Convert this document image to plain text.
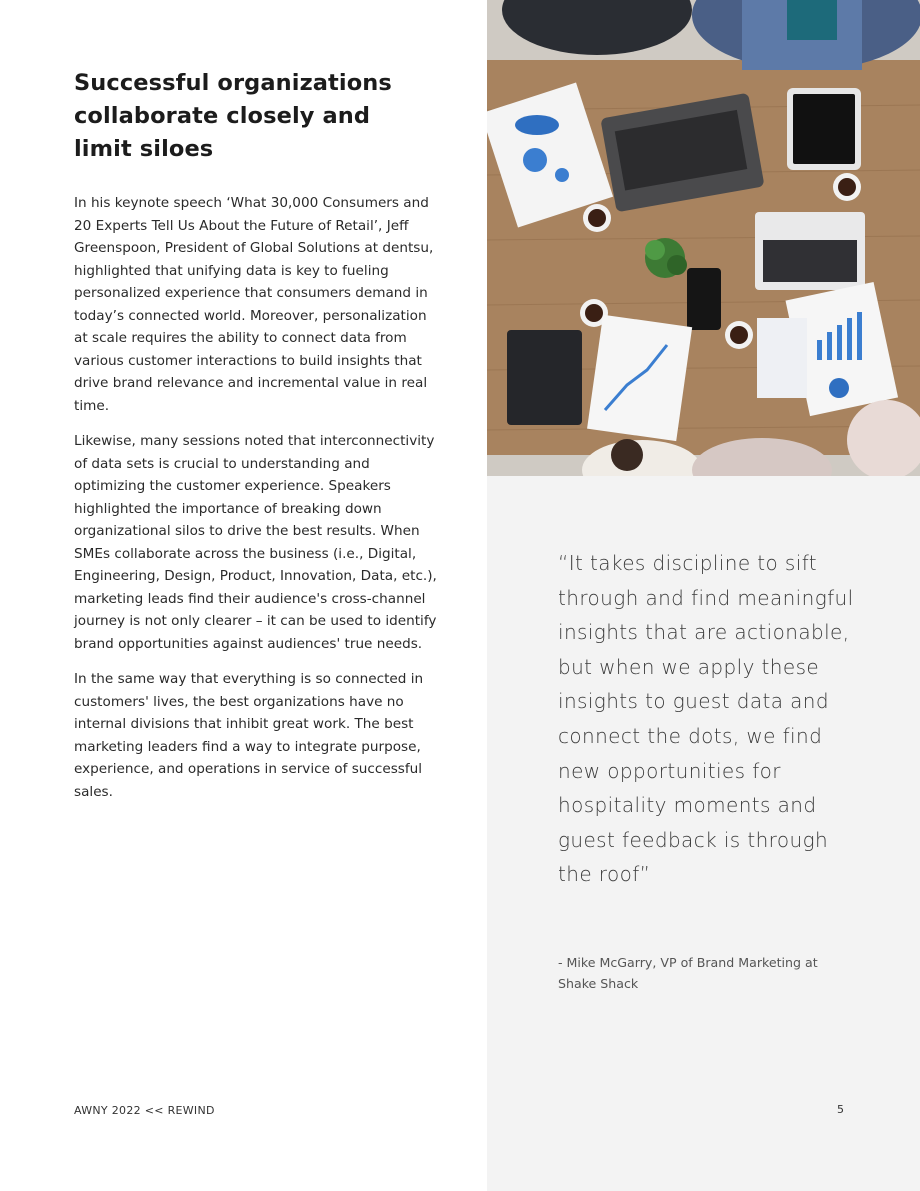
Successful organizations collaborate closely and limit siloes

In his keynote speech ‘What 30,000 Consumers and 20 Experts Tell Us About the Future of Retail’, Jeff Greenspoon, President of Global Solutions at dentsu, highlighted that unifying data is key to fueling personalized experience that consumers demand in today’s connected world. Moreover, personalization at scale requires the ability to connect data from various customer interactions to build insights that drive brand relevance and incremental value in real time.

Likewise, many sessions noted that interconnectivity of data sets is crucial to understanding and optimizing the customer experience. Speakers highlighted the importance of breaking down organizational silos to drive the best results. When SMEs collaborate across the business (i.e., Digital, Engineering, Design, Product, Innovation, Data, etc.), marketing leads find their audience's cross-channel journey is not only clearer – it can be used to identify brand opportunities against audiences' true needs.

In the same way that everything is so connected in customers' lives, the best organizations have no internal divisions that inhibit great work. The best marketing leaders find a way to integrate purpose, experience, and operations in service of successful sales.

AWNY 2022 << REWIND
“It takes discipline to sift through and find meaningful insights that are actionable, but when we apply these insights to guest data and connect the dots, we find new opportunities for hospitality moments and guest feedback is through the roof”
- Mike McGarry, VP of Brand Marketing at Shake Shack
5
